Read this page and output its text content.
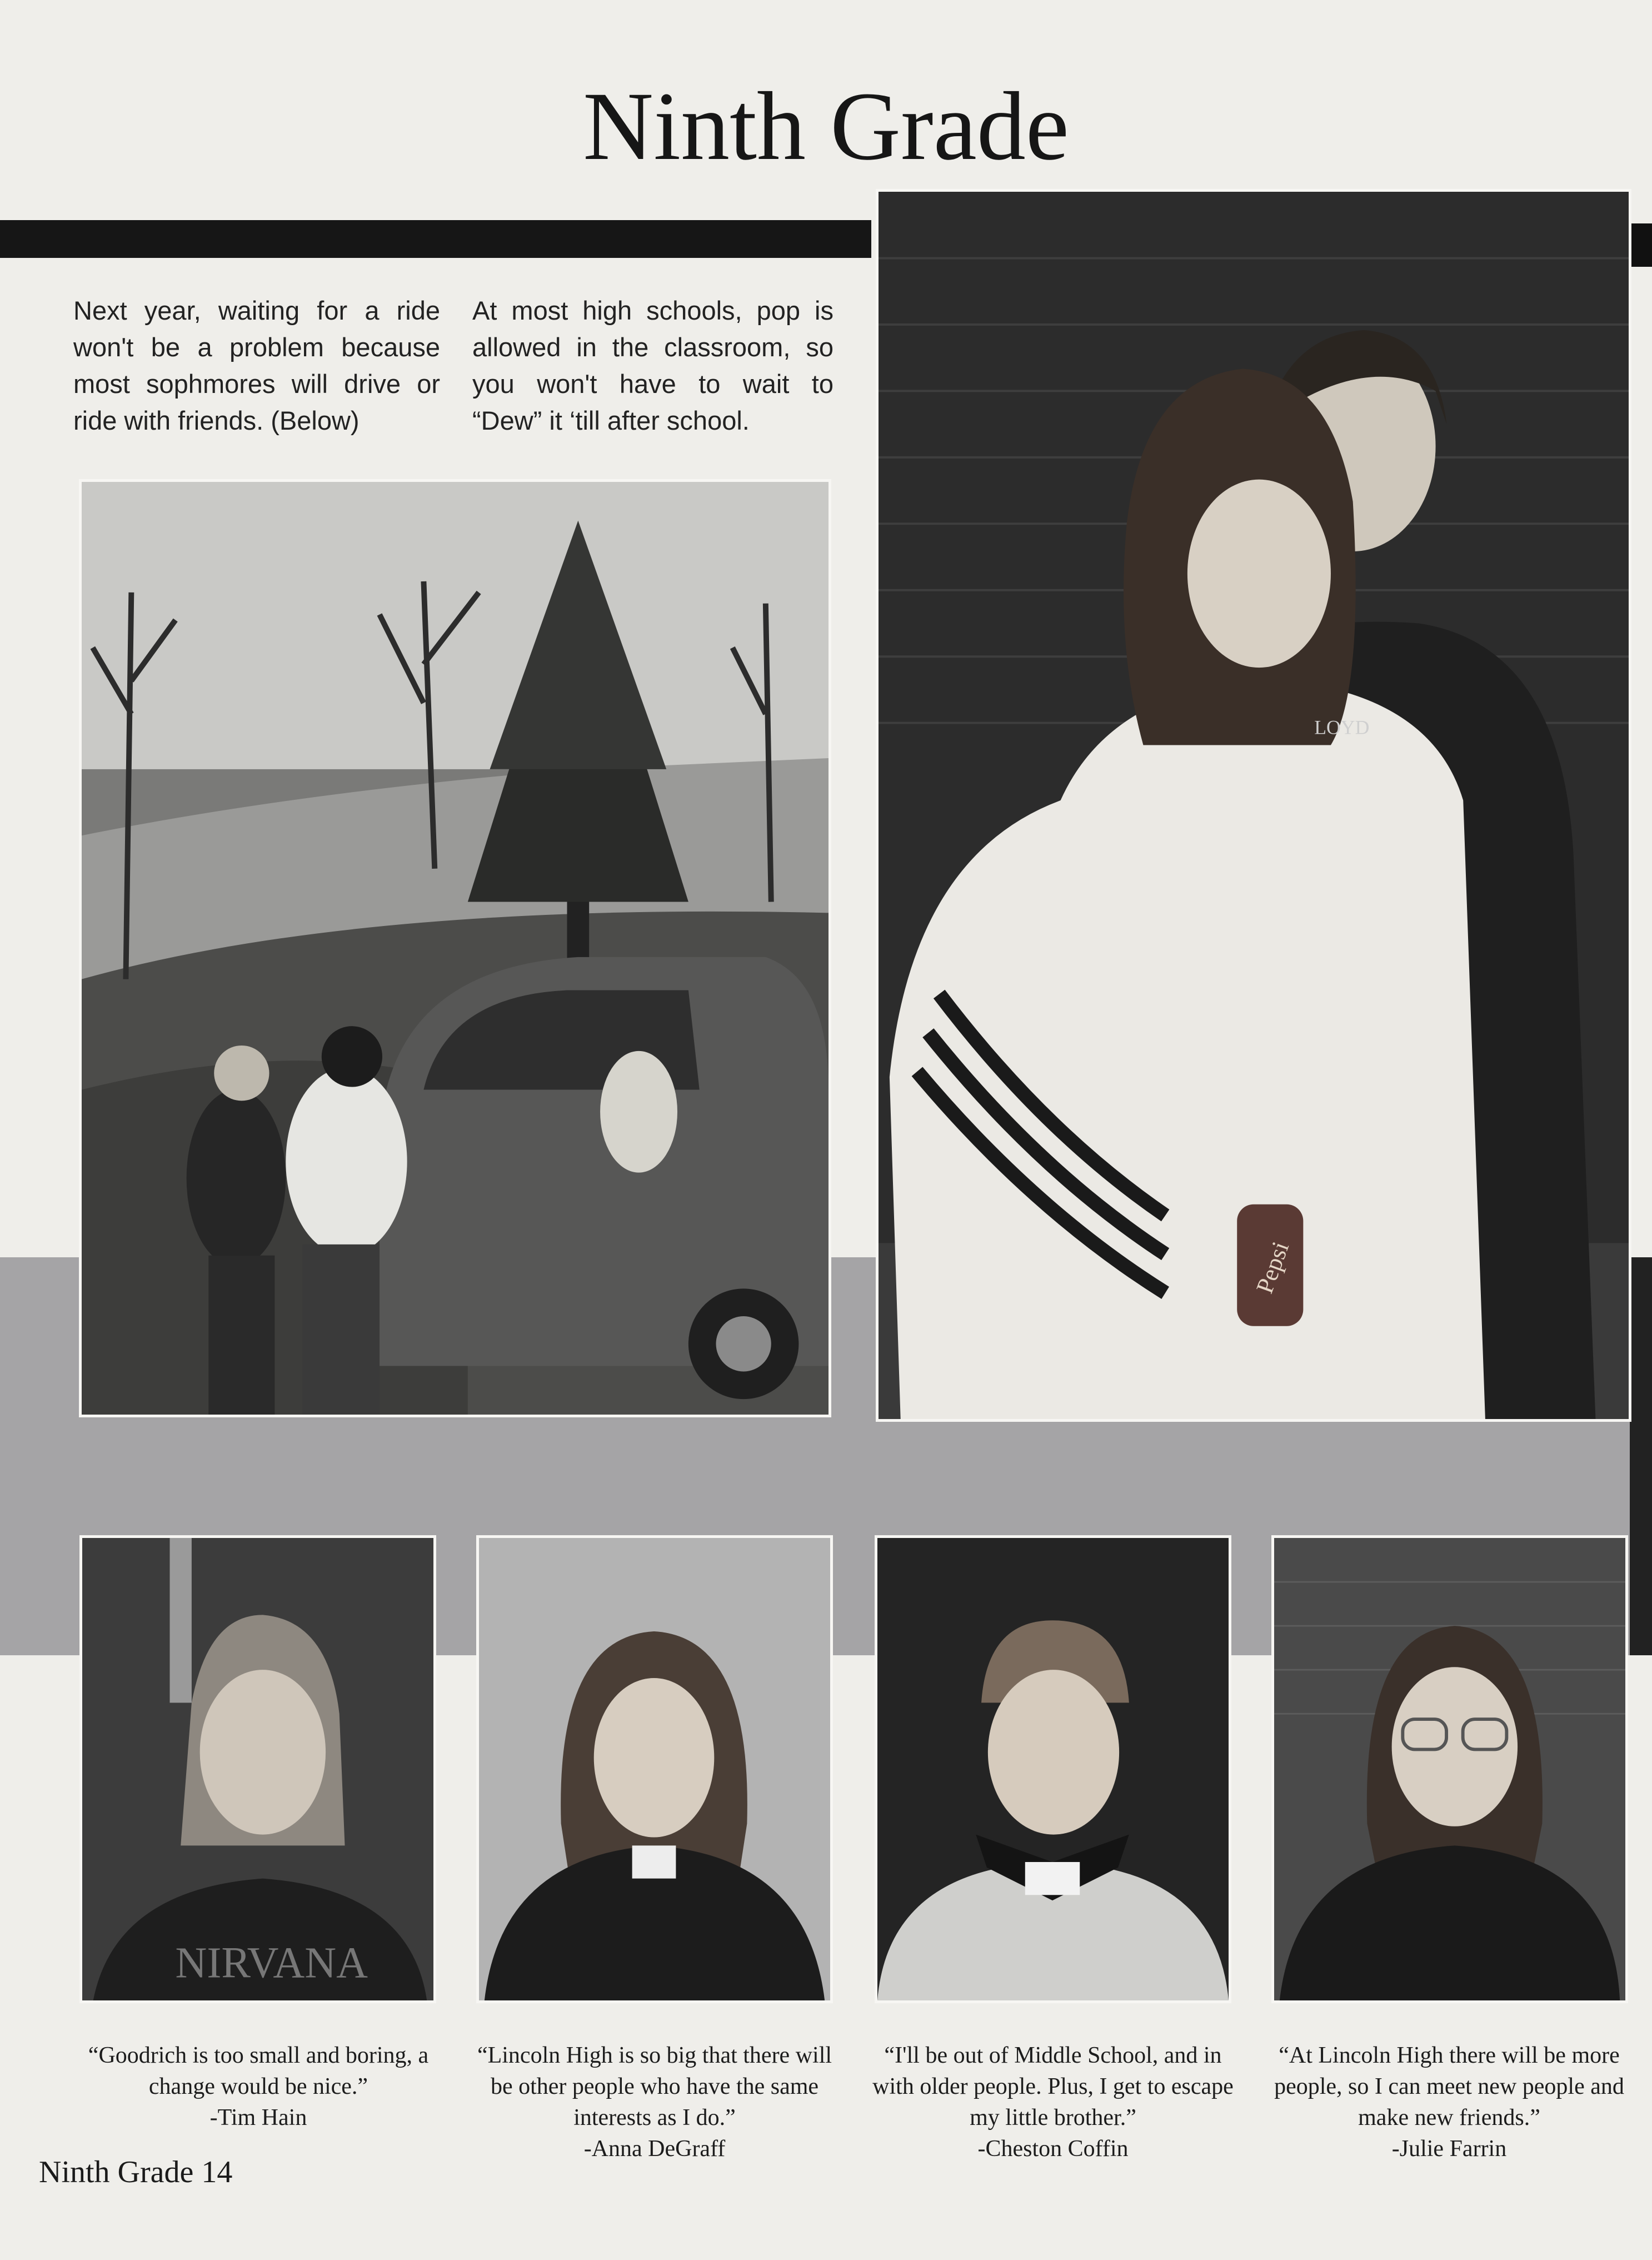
Ninth Grade
Next year, waiting for a ride won't be a problem because most sophmores will drive or ride with friends. (Below)
At most high schools, pop is allowed in the classroom, so you won't have to wait to “Dew” it ‘till after school.
Pepsi
LOYD
NIRVANA
“Goodrich is too small and boring, a change would be nice.”
-Tim Hain
“Lincoln High is so big that there will be other people who have the same interests as I do.”
-Anna DeGraff
“I'll be out of Middle School, and in with older people. Plus, I get to escape my little brother.”
-Cheston Coffin
“At Lincoln High there will be more people, so I can meet new people and make new friends.”
-Julie Farrin
Ninth Grade 14
